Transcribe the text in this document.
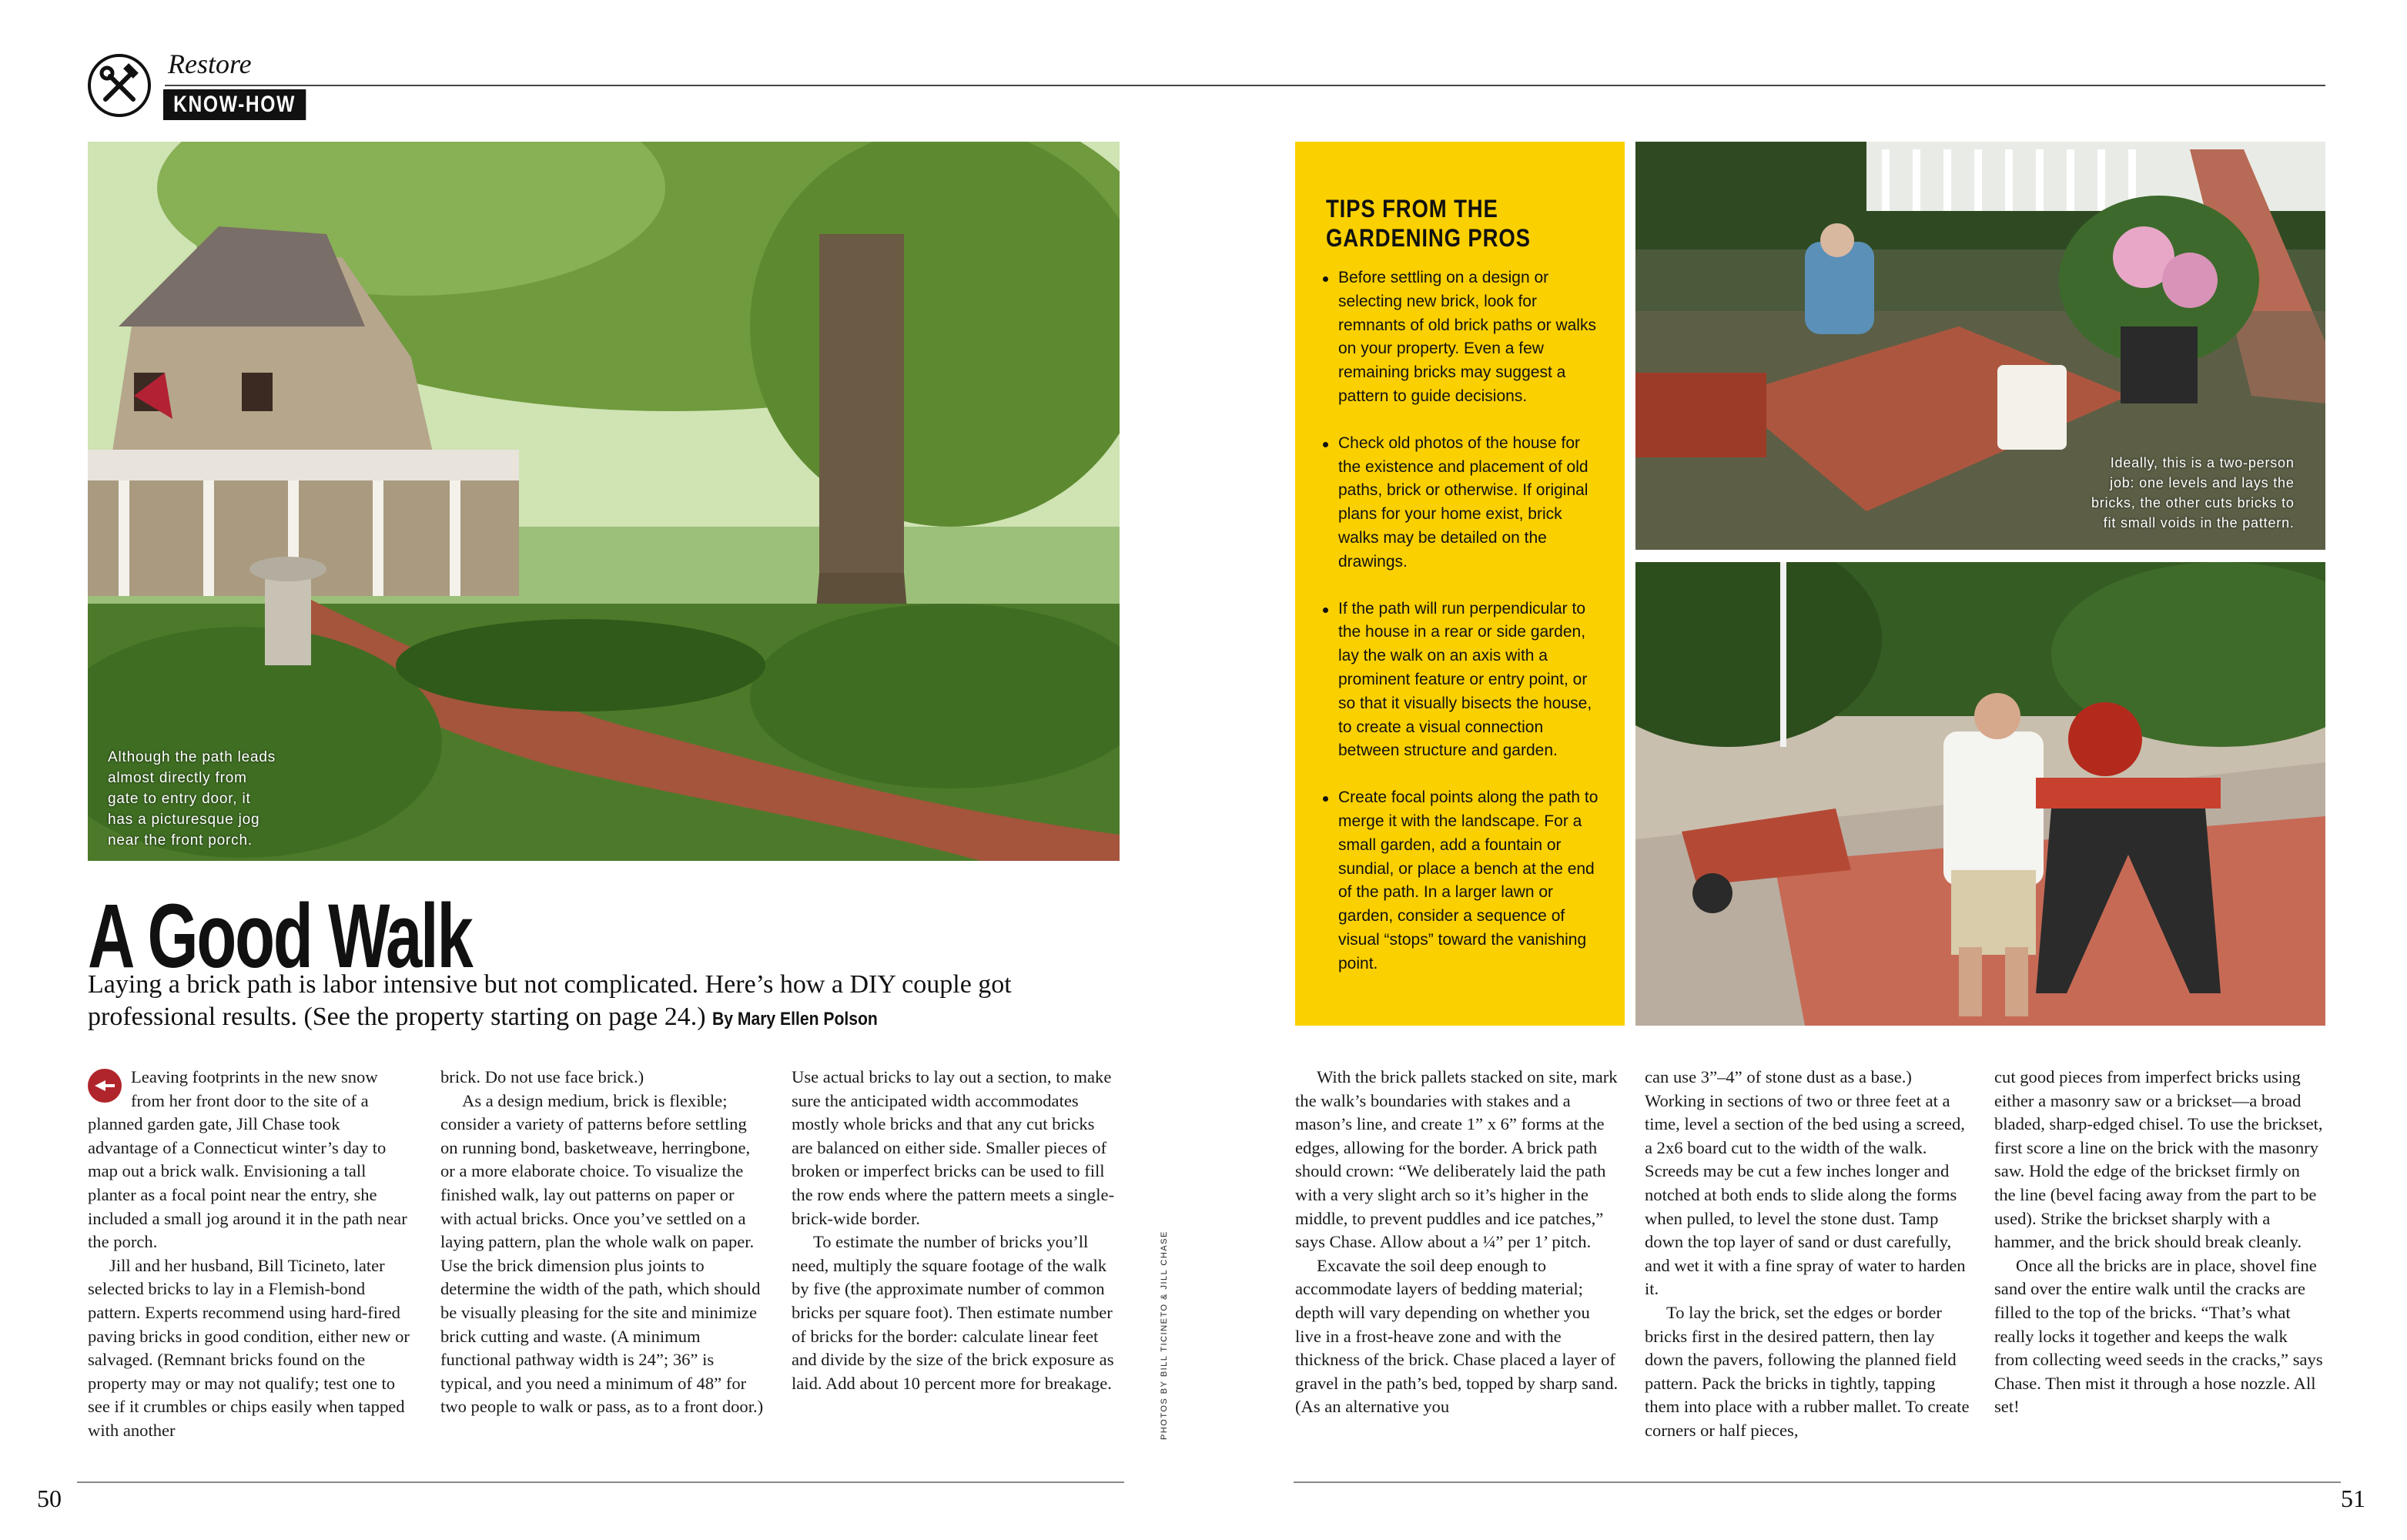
Restore
KNOW-HOW
Although the path leads
almost directly from
gate to entry door, it
has a picturesque jog
near the front porch.
A Good Walk
Laying a brick path is labor intensive but not complicated. Here’s how a DIY couple got professional results. (See the property starting on page 24.) By Mary Ellen Polson

Leaving footprints in the new snow from her front door to the site of a planned garden gate, Jill Chase took advantage of a Connecticut winter’s day to map out a brick walk. Envisioning a tall planter as a focal point near the entry, she included a small jog around it in the path near the porch.

Jill and her husband, Bill Ticineto, later selected bricks to lay in a Flemish-bond pattern. Experts recommend using hard-fired paving bricks in good condition, either new or salvaged. (Remnant bricks found on the property may or may not qualify; test one to see if it crumbles or chips easily when tapped with another

brick. Do not use face brick.)

As a design medium, brick is flexible; consider a variety of patterns before settling on running bond, basketweave, herringbone, or a more elaborate choice. To visualize the finished walk, lay out patterns on paper or with actual bricks. Once you’ve settled on a laying pattern, plan the whole walk on paper. Use the brick dimension plus joints to determine the width of the path, which should be visually pleasing for the site and minimize brick cutting and waste. (A minimum functional pathway width is 24”; 36” is typical, and you need a minimum of 48” for two people to walk or pass, as to a front door.)

Use actual bricks to lay out a section, to make sure the anticipated width accommodates mostly whole bricks and that any cut bricks are balanced on either side. Smaller pieces of broken or imperfect bricks can be used to fill the row ends where the pattern meets a single-brick-wide border.

To estimate the number of bricks you’ll need, multiply the square footage of the walk by five (the approximate number of common bricks per square foot). Then estimate number of bricks for the border: calculate linear feet and divide by the size of the brick exposure as laid. Add about 10 percent more for breakage.	PHOTOS BY BILL TICINETO & JILL CHASE
TIPS FROM THE
GARDENING PROS
Before settling on a design or selecting new brick, look for remnants of old brick paths or walks on your property. Even a few remaining bricks may suggest a pattern to guide decisions.
Check old photos of the house for the existence and placement of old paths, brick or otherwise. If original plans for your home exist, brick walks may be detailed on the drawings.
If the path will run perpendicular to the house in a rear or side garden, lay the walk on an axis with a prominent feature or entry point, or so that it visually bisects the house, to create a visual connection between structure and garden.
Create focal points along the path to merge it with the landscape. For a small garden, add a fountain or sundial, or place a bench at the end of the path. In a larger lawn or garden, consider a sequence of visual “stops” toward the vanishing point.
Ideally, this is a two-person
job: one levels and lays the
bricks, the other cuts bricks to
fit small voids in the pattern.

With the brick pallets stacked on site, mark the walk’s boundaries with stakes and a mason’s line, and create 1” x 6” forms at the edges, allowing for the border. A brick path should crown: “We deliberately laid the path with a very slight arch so it’s higher in the middle, to prevent puddles and ice patches,” says Chase. Allow about a ¼” per 1’ pitch.

Excavate the soil deep enough to accommodate layers of bedding material; depth will vary depending on whether you live in a frost-heave zone and with the thickness of the brick. Chase placed a layer of gravel in the path’s bed, topped by sharp sand. (As an alternative you

can use 3”–4” of stone dust as a base.) Working in sections of two or three feet at a time, level a section of the bed using a screed, a 2x6 board cut to the width of the walk. Screeds may be cut a few inches longer and notched at both ends to slide along the forms when pulled, to level the stone dust. Tamp down the top layer of sand or dust carefully, and wet it with a fine spray of water to harden it.

To lay the brick, set the edges or border bricks first in the desired pattern, then lay down the pavers, following the planned field pattern. Pack the bricks in tightly, tapping them into place with a rubber mallet. To create corners or half pieces,

cut good pieces from imperfect bricks using either a masonry saw or a brickset—a broad bladed, sharp-edged chisel. To use the brickset, first score a line on the brick with the masonry saw. Hold the edge of the brickset firmly on the line (bevel facing away from the part to be used). Strike the brickset sharply with a hammer, and the brick should break cleanly.

Once all the bricks are in place, shovel fine sand over the entire walk until the cracks are filled to the top of the bricks. “That’s what really locks it together and keeps the walk from collecting weed seeds in the cracks,” says Chase. Then mist it through a hose nozzle. All set!

50	51
